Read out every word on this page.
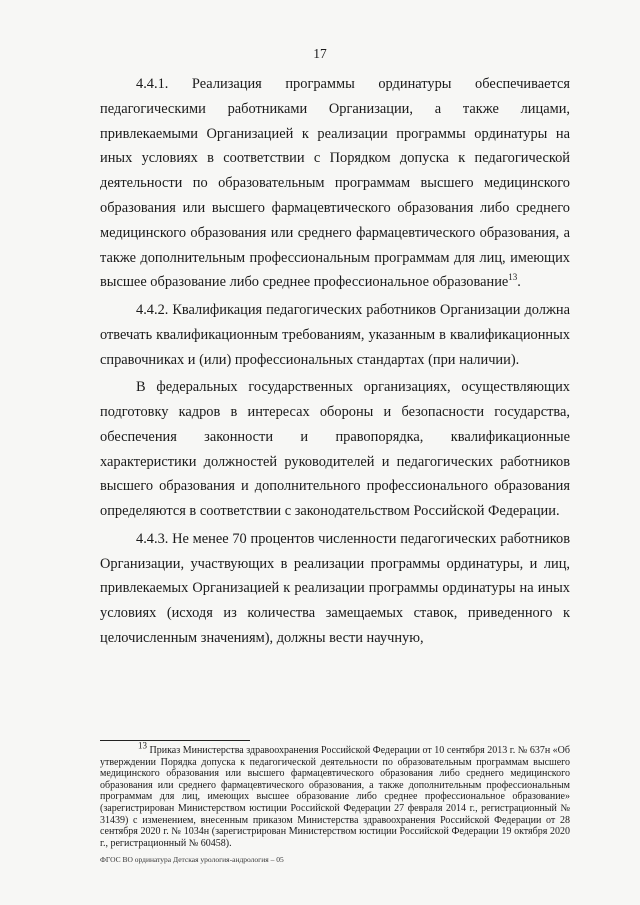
17

4.4.1. Реализация программы ординатуры обеспечивается педагогическими работниками Организации, а также лицами, привлекаемыми Организацией к реализации программы ординатуры на иных условиях в соответствии с Порядком допуска к педагогической деятельности по образовательным программам высшего медицинского образования или высшего фармацевтического образования либо среднего медицинского образования или среднего фармацевтического образования, а также дополнительным профессиональным программам для лиц, имеющих высшее образование либо среднее профессиональное образование$^{13}$.

4.4.2. Квалификация педагогических работников Организации должна отвечать квалификационным требованиям, указанным в квалификационных справочниках и (или) профессиональных стандартах (при наличии).

В федеральных государственных организациях, осуществляющих подготовку кадров в интересах обороны и безопасности государства, обеспечения законности и правопорядка, квалификационные характеристики должностей руководителей и педагогических работников высшего образования и дополнительного профессионального образования определяются в соответствии с законодательством Российской Федерации.

4.4.3. Не менее 70 процентов численности педагогических работников Организации, участвующих в реализации программы ординатуры, и лиц, привлекаемых Организацией к реализации программы ординатуры на иных условиях (исходя из количества замещаемых ставок, приведенного к целочисленным значениям), должны вести научную,

$^{13}$ Приказ Министерства здравоохранения Российской Федерации от 10 сентября 2013 г. № 637н «Об утверждении Порядка допуска к педагогической деятельности по образовательным программам высшего медицинского образования или высшего фармацевтического образования либо среднего медицинского образования или среднего фармацевтического образования, а также дополнительным профессиональным программам для лиц, имеющих высшее образование либо среднее профессиональное образование» (зарегистрирован Министерством юстиции Российской Федерации 27 февраля 2014 г., регистрационный № 31439) с изменением, внесенным приказом Министерства здравоохранения Российской Федерации от 28 сентября 2020 г. № 1034н (зарегистрирован Министерством юстиции Российской Федерации 19 октября 2020 г., регистрационный № 60458).

ФГОС ВО ординатура Детская урология-андрология – 05
